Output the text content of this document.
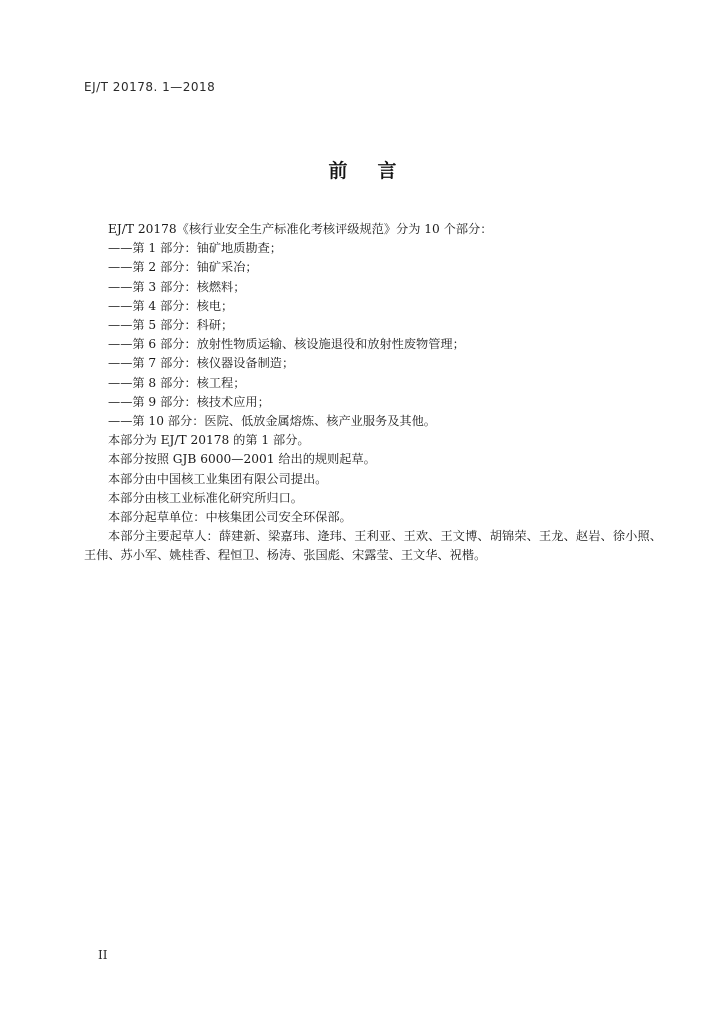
EJ/T 20178. 1—2018
前言

EJ/T 20178《核行业安全生产标准化考核评级规范》分为 10 个部分：

——第 1 部分：铀矿地质勘查；

——第 2 部分：铀矿采冶；

——第 3 部分：核燃料；

——第 4 部分：核电；

——第 5 部分：科研；

——第 6 部分：放射性物质运输、核设施退役和放射性废物管理；

——第 7 部分：核仪器设备制造；

——第 8 部分：核工程；

——第 9 部分：核技术应用；

——第 10 部分：医院、低放金属熔炼、核产业服务及其他。

本部分为 EJ/T 20178 的第 1 部分。

本部分按照 GJB 6000—2001 给出的规则起草。

本部分由中国核工业集团有限公司提出。

本部分由核工业标准化研究所归口。

本部分起草单位：中核集团公司安全环保部。

本部分主要起草人：薛建新、梁嘉玮、逄玮、王利亚、王欢、王文博、胡锦荣、王龙、赵岩、徐小照、王伟、苏小军、姚桂香、程恒卫、杨涛、张国彪、宋露莹、王文华、祝楷。

II
